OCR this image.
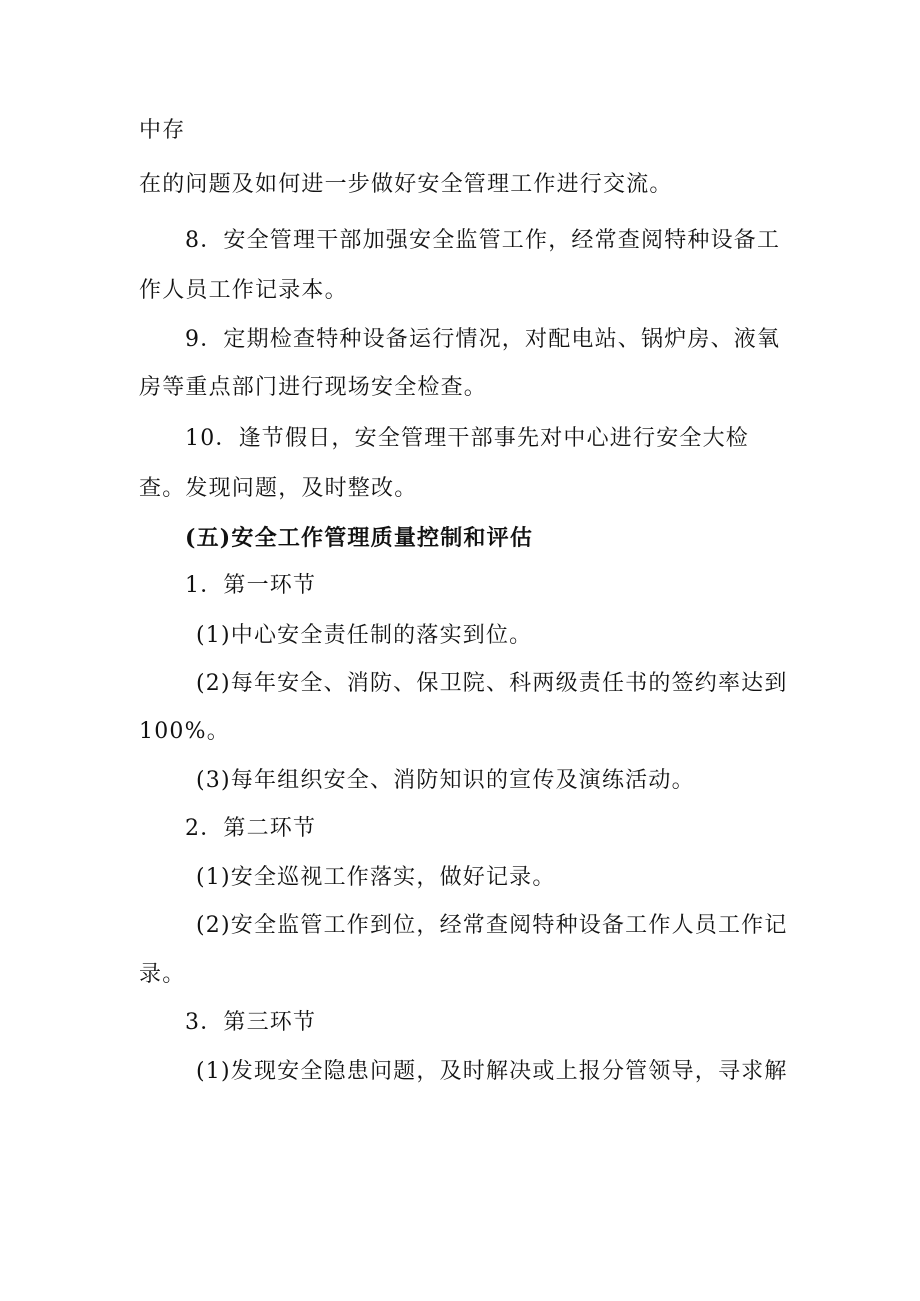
中存
在的问题及如何进一步做好安全管理工作进行交流。
8．安全管理干部加强安全监管工作，经常查阅特种设备工
作人员工作记录本。
9．定期检查特种设备运行情况，对配电站、锅炉房、液氧
房等重点部门进行现场安全检查。
10．逢节假日，安全管理干部事先对中心进行安全大检
查。发现问题，及时整改。
(五)安全工作管理质量控制和评估
1．第一环节
(1)中心安全责任制的落实到位。
(2)每年安全、消防、保卫院、科两级责任书的签约率达到
100%。
(3)每年组织安全、消防知识的宣传及演练活动。
2．第二环节
(1)安全巡视工作落实，做好记录。
(2)安全监管工作到位，经常查阅特种设备工作人员工作记
录。
3．第三环节
(1)发现安全隐患问题，及时解决或上报分管领导，寻求解
